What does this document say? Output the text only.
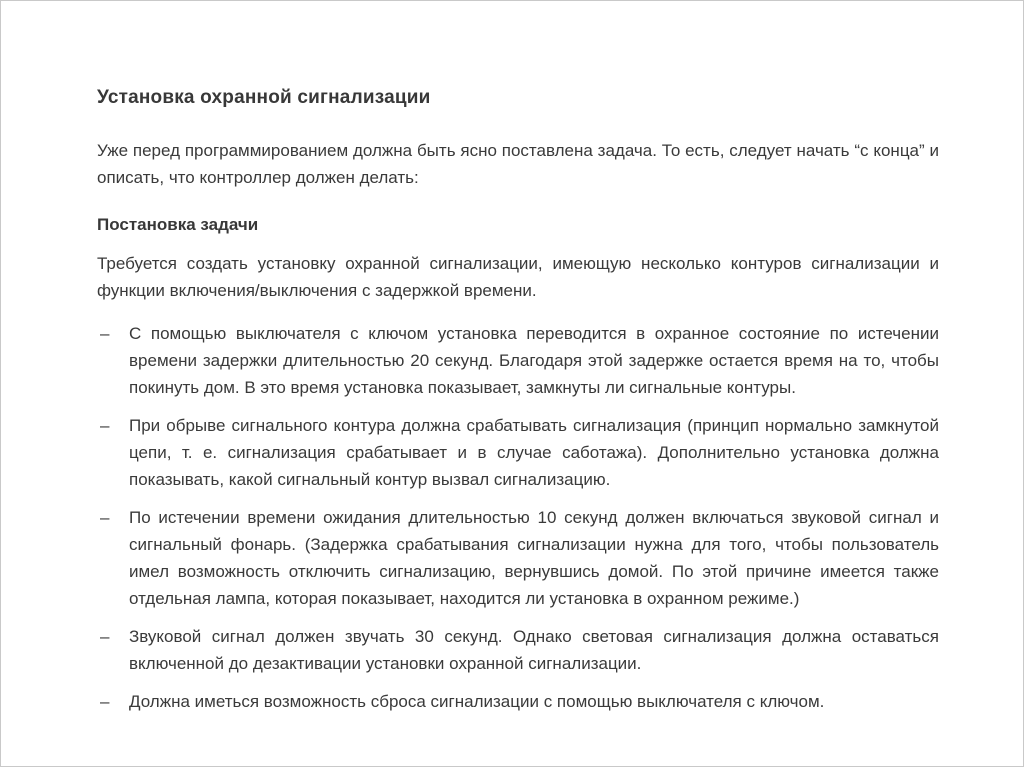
Установка охранной сигнализации

Уже перед программированием должна быть ясно поставлена задача. То есть, следует начать “с конца” и описать, что контроллер должен делать:

Постановка задачи

Требуется создать установку охранной сигнализации, имеющую несколько контуров сигнализации и функции включения/выключения с задержкой времени.

–	С помощью выключателя с ключом установка переводится в охранное состояние по истечении времени задержки длительностью 20 секунд. Благодаря этой задержке остается время на то, чтобы покинуть дом. В это время установка показывает, замкнуты ли сигнальные контуры.
–	При обрыве сигнального контура должна срабатывать сигнализация (принцип нормально замкнутой цепи, т. е. сигнализация срабатывает и в случае саботажа). Дополнительно установка должна показывать, какой сигнальный контур вызвал сигнализацию.
–	По истечении времени ожидания длительностью 10 секунд должен включаться звуковой сигнал и сигнальный фонарь. (Задержка срабатывания сигнализации нужна для того, чтобы пользователь имел возможность отключить сигнализацию, вернувшись домой. По этой причине имеется также отдельная лампа, которая показывает, находится ли установка в охранном режиме.)
–	Звуковой сигнал должен звучать 30 секунд. Однако световая сигнализация должна оставаться включенной до дезактивации установки охранной сигнализации.
–	Должна иметься возможность сброса сигнализации с помощью выключателя с ключом.
